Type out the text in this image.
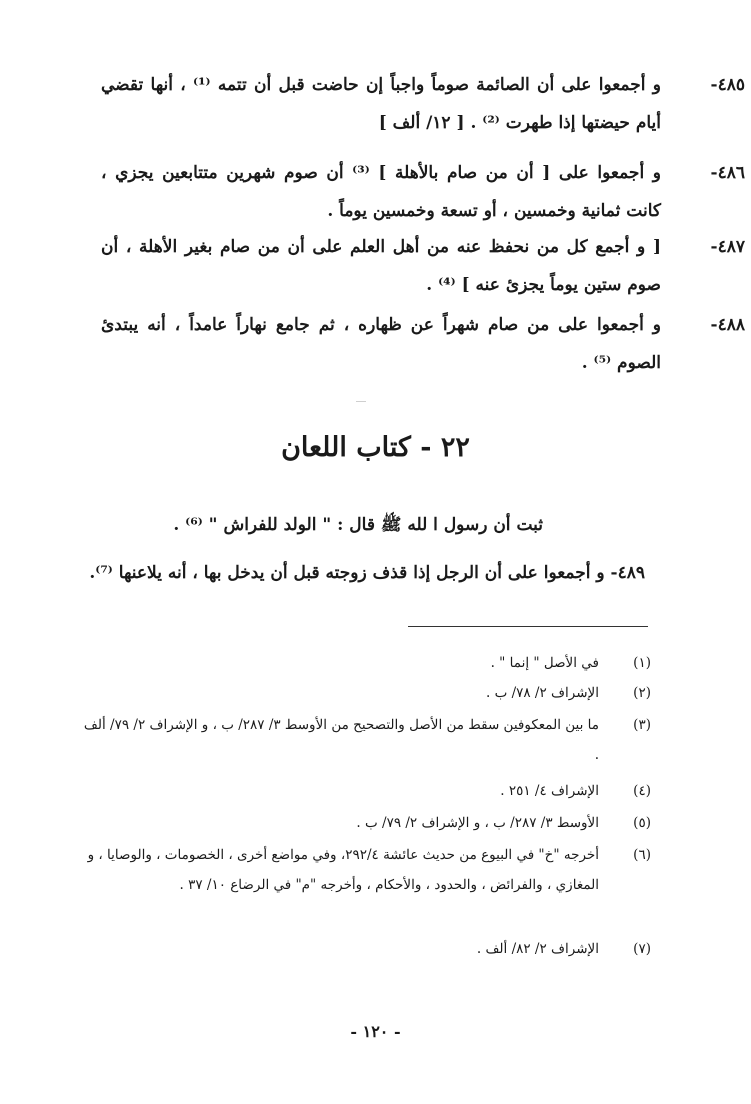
٤٨٥-
و أجمعوا على أن الصائمة صوماً واجباً إن حاضت قبل أن تتمه ⁽¹⁾ ، أنها تقضي أيام حيضتها إذا طهرت ⁽²⁾ . [ ١٢/ ألف ]
٤٨٦-
و أجمعوا على [ أن من صام بالأهلة ] ⁽³⁾ أن صوم شهرين متتابعين يجزي ، كانت ثمانية وخمسين ، أو تسعة وخمسين يوماً .
٤٨٧-
[ و أجمع كل من نحفظ عنه من أهل العلم على أن من صام بغير الأهلة ، أن صوم ستين يوماً يجزئ عنه ] ⁽⁴⁾ .
٤٨٨-
و أجمعوا على من صام شهراً عن ظهاره ، ثم جامع نهاراً عامداً ، أنه يبتدئ الصوم ⁽⁵⁾ .
٢٢ - كتاب اللعان
ثبت أن رسول ا لله ﷺ قال : " الولد للفراش " ⁽⁶⁾ .
٤٨٩- و أجمعوا على أن الرجل إذا قذف زوجته قبل أن يدخل بها ، أنه يلاعنها ⁽⁷⁾.
(١)
في الأصل " إنما " .
(٢)
الإشراف ٢/ ٧٨/ ب .
(٣)
ما بين المعكوفين سقط من الأصل والتصحيح من الأوسط ٣/ ٢٨٧/ ب ، و الإشراف ٢/ ٧٩/ ألف .
(٤)
الإشراف ٤/ ٢٥١ .
(٥)
الأوسط ٣/ ٢٨٧/ ب ، و الإشراف ٢/ ٧٩/ ب .
(٦)
أخرجه "خ" في البيوع من حديث عائشة ٢٩٢/٤، وفي مواضع أخرى ، الخصومات ، والوصايا ، و المغازي ، والفرائض ، والحدود ، والأحكام ، وأخرجه "م" في الرضاع ١٠/ ٣٧ .
(٧)
الإشراف ٢/ ٨٢/ ألف .
- ١٢٠ -
